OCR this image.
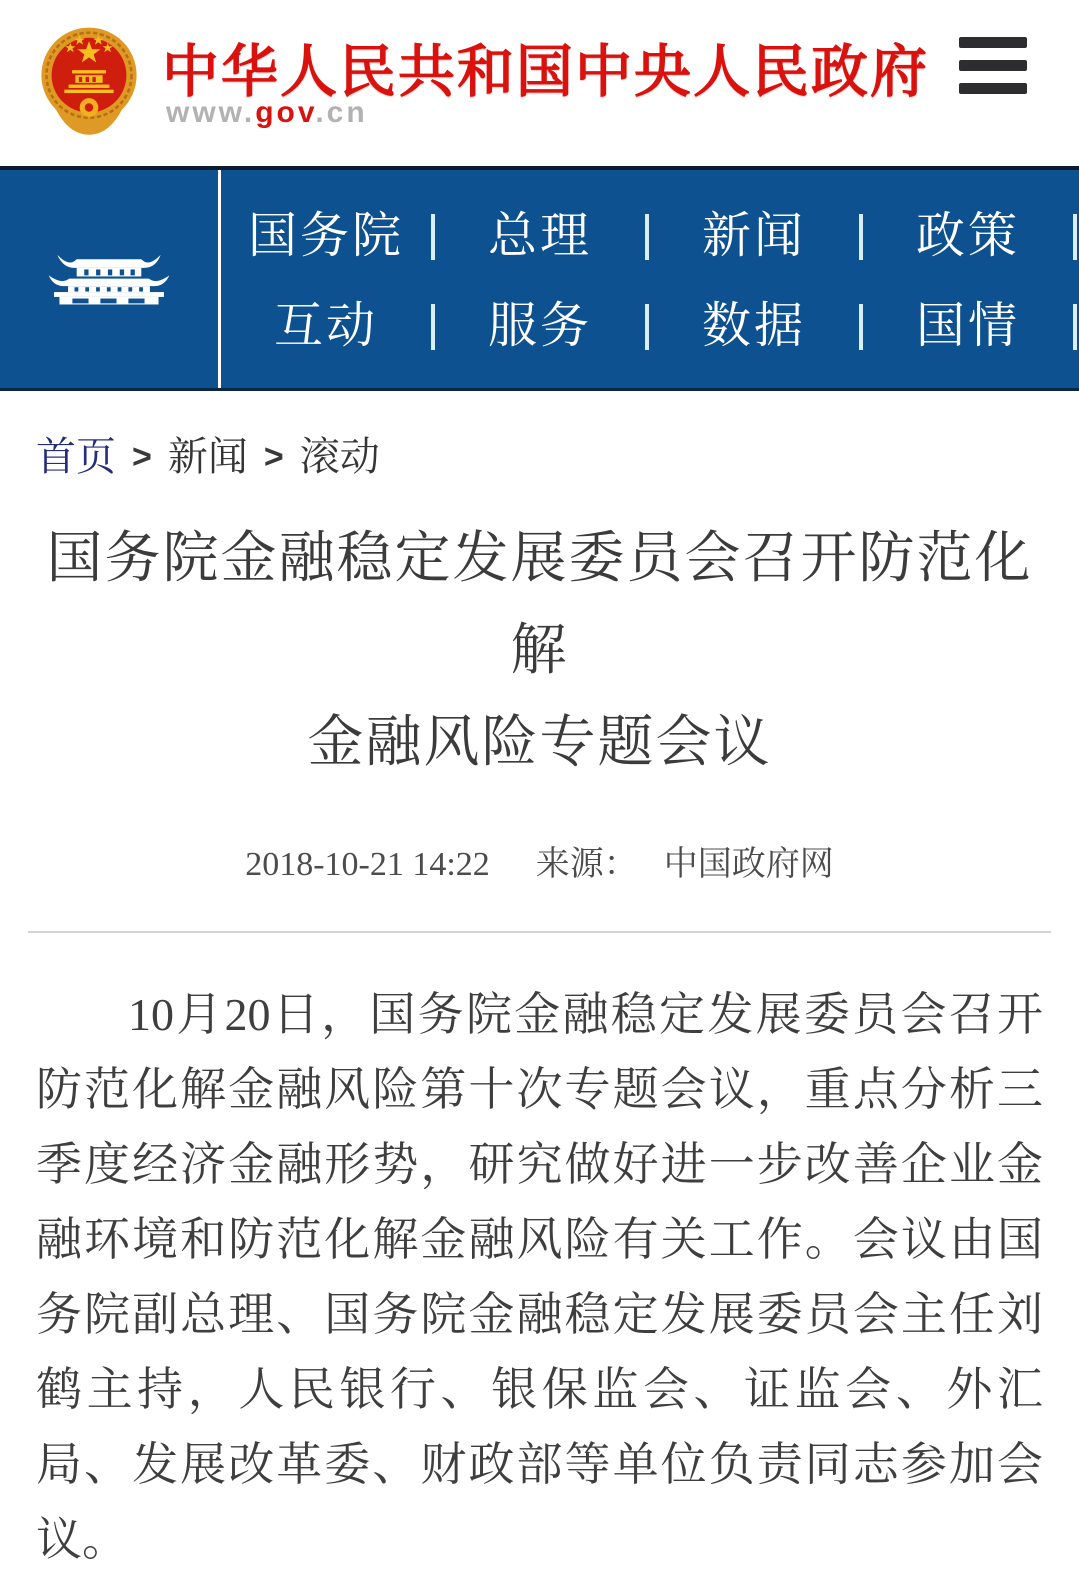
中华人民共和国中央人民政府
www.gov.cn
国务院 总理 新闻 政策
互动 服务 数据 国情
首页 > 新闻 > 滚动
国务院金融稳定发展委员会召开防范化解
金融风险专题会议
2018-10-21 14:22 来源： 中国政府网

10月20日，国务院金融稳定发展委员会召开防范化解金融风险第十次专题会议，重点分析三季度经济金融形势，研究做好进一步改善企业金融环境和防范化解金融风险有关工作。会议由国务院副总理、国务院金融稳定发展委员会主任刘鹤主持，人民银行、银保监会、证监会、外汇局、发展改革委、财政部等单位负责同志参加会议。
